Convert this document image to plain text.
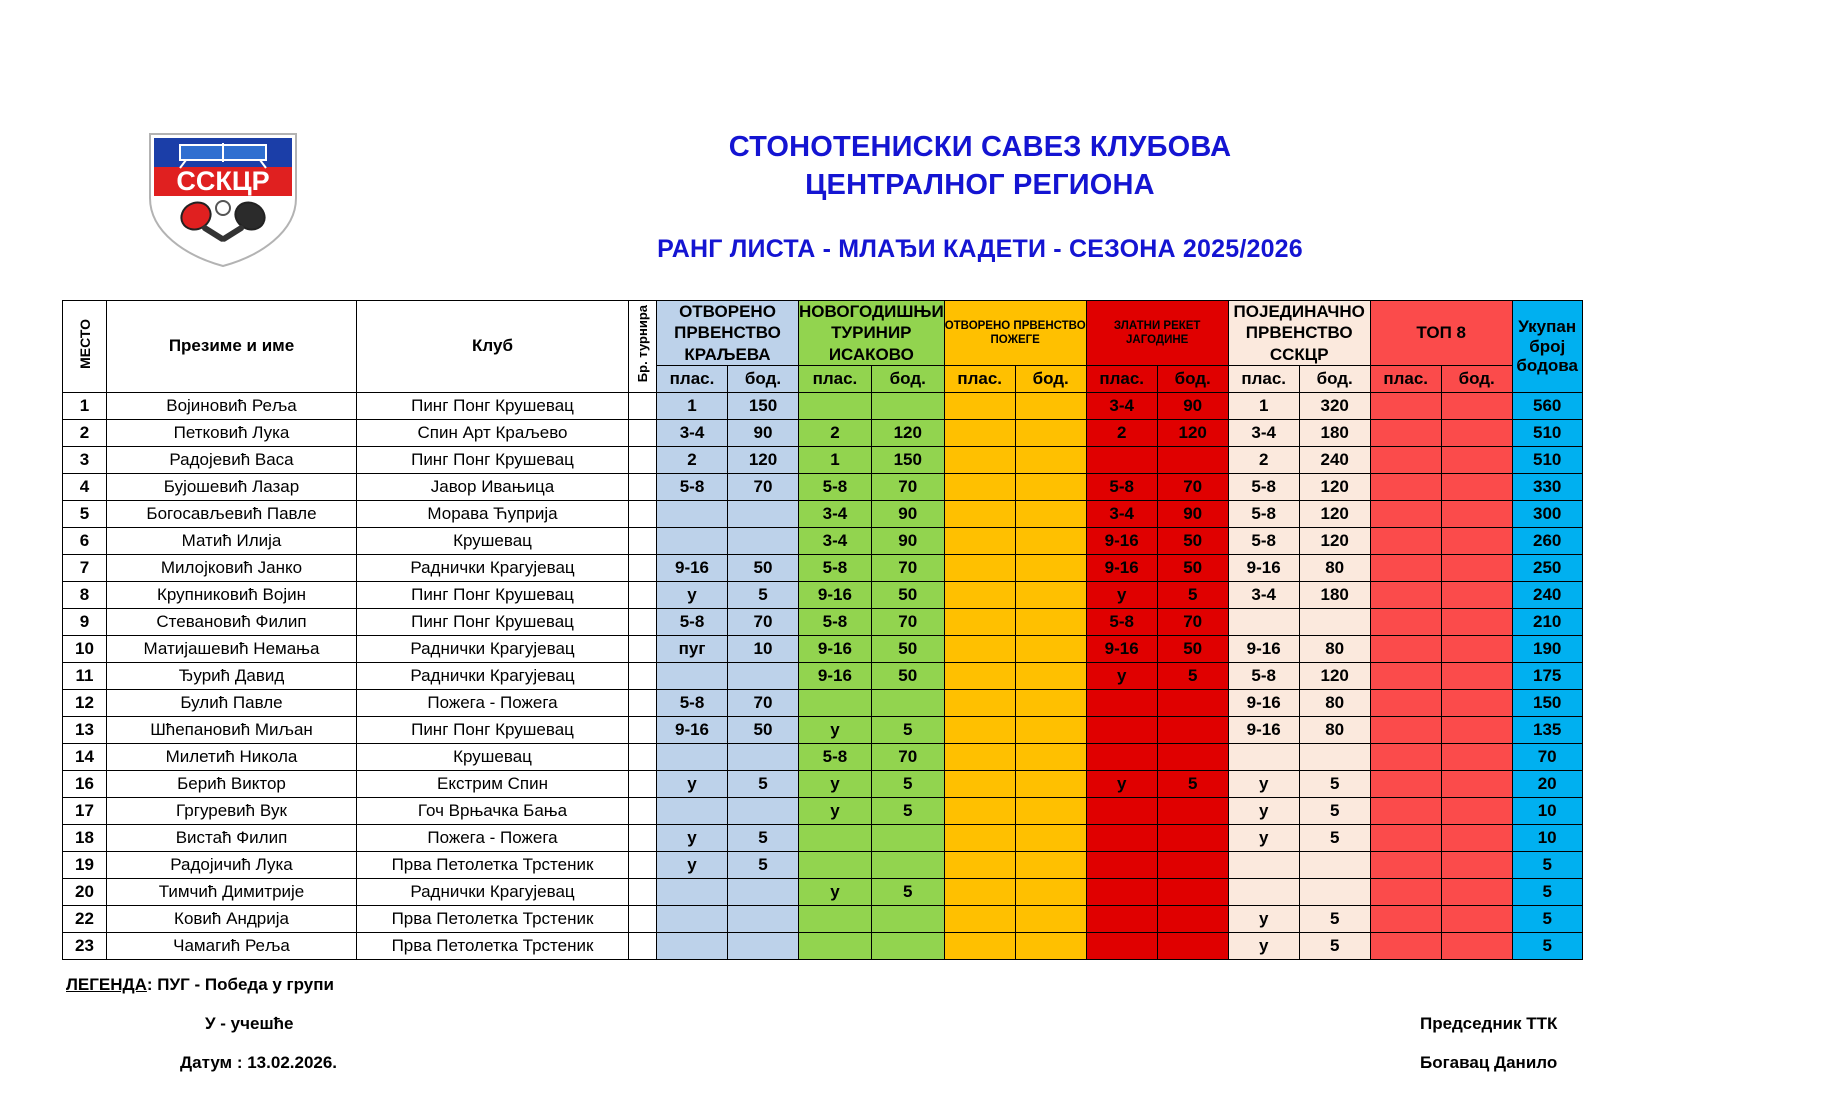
ССКЦР
СТОНОТЕНИСКИ САВЕЗ КЛУБОВА
ЦЕНТРАЛНОГ РЕГИОНА
РАНГ ЛИСТА - МЛАЂИ КАДЕТИ - СЕЗОНА 2025/2026
МЕСТО	Презиме и име	Клуб	Бр. турнира	ОТВОРЕНО ПРВЕНСТВО КРАЉЕВА		НОВОГОДИШЊИ ТУРИНИР ИСАКОВО		ОТВОРЕНО ПРВЕНСТВО ПОЖЕГЕ		ЗЛАТНИ РЕКЕТ ЈАГОДИНЕ		ПОЈЕДИНАЧНО ПРВЕНСТВО ССКЦР		ТОП 8		Укупан број бодова
				плас.	бод.	плас.	бод.	плас.	бод.	плас.	бод.	плас.	бод.	плас.	бод.	
1	Војиновић Реља	Пинг Понг Крушевац		1	150					3-4	90	1	320			560
2	Петковић Лука	Спин Арт Краљево		3-4	90	2	120			2	120	3-4	180			510
3	Радојевић Васа	Пинг Понг Крушевац		2	120	1	150					2	240			510
4	Бујошевић Лазар	Јавор Ивањица		5-8	70	5-8	70			5-8	70	5-8	120			330
5	Богосављевић Павле	Морава Ћуприја				3-4	90			3-4	90	5-8	120			300
6	Матић Илија	Крушевац				3-4	90			9-16	50	5-8	120			260
7	Милојковић Јанко	Раднички Крагујевац		9-16	50	5-8	70			9-16	50	9-16	80			250
8	Крупниковић Војин	Пинг Понг Крушевац		у	5	9-16	50			у	5	3-4	180			240
9	Стевановић Филип	Пинг Понг Крушевац		5-8	70	5-8	70			5-8	70					210
10	Матијашевић Немања	Раднички Крагујевац		пуг	10	9-16	50			9-16	50	9-16	80			190
11	Ђурић Давид	Раднички Крагујевац				9-16	50			у	5	5-8	120			175
12	Булић Павле	Пожега - Пожега		5-8	70							9-16	80			150
13	Шћепановић Миљан	Пинг Понг Крушевац		9-16	50	у	5					9-16	80			135
14	Милетић Никола	Крушевац				5-8	70									70
16	Берић Виктор	Екстрим Спин		у	5	у	5			у	5	у	5			20
17	Гргуревић Вук	Гоч Врњачка Бања				у	5					у	5			10
18	Вистаћ Филип	Пожега - Пожега		у	5							у	5			10
19	Радојичић Лука	Прва Петолетка Трстеник		у	5											5
20	Тимчић Димитрије	Раднички Крагујевац				у	5									5
22	Ковић Андрија	Прва Петолетка Трстеник										у	5			5
23	Чамагић Реља	Прва Петолетка Трстеник										у	5			5
ЛЕГЕНДА: ПУГ - Победа у групи
У - учешће
Датум : 13.02.2026.
Председник ТТК
Богавац Данило
